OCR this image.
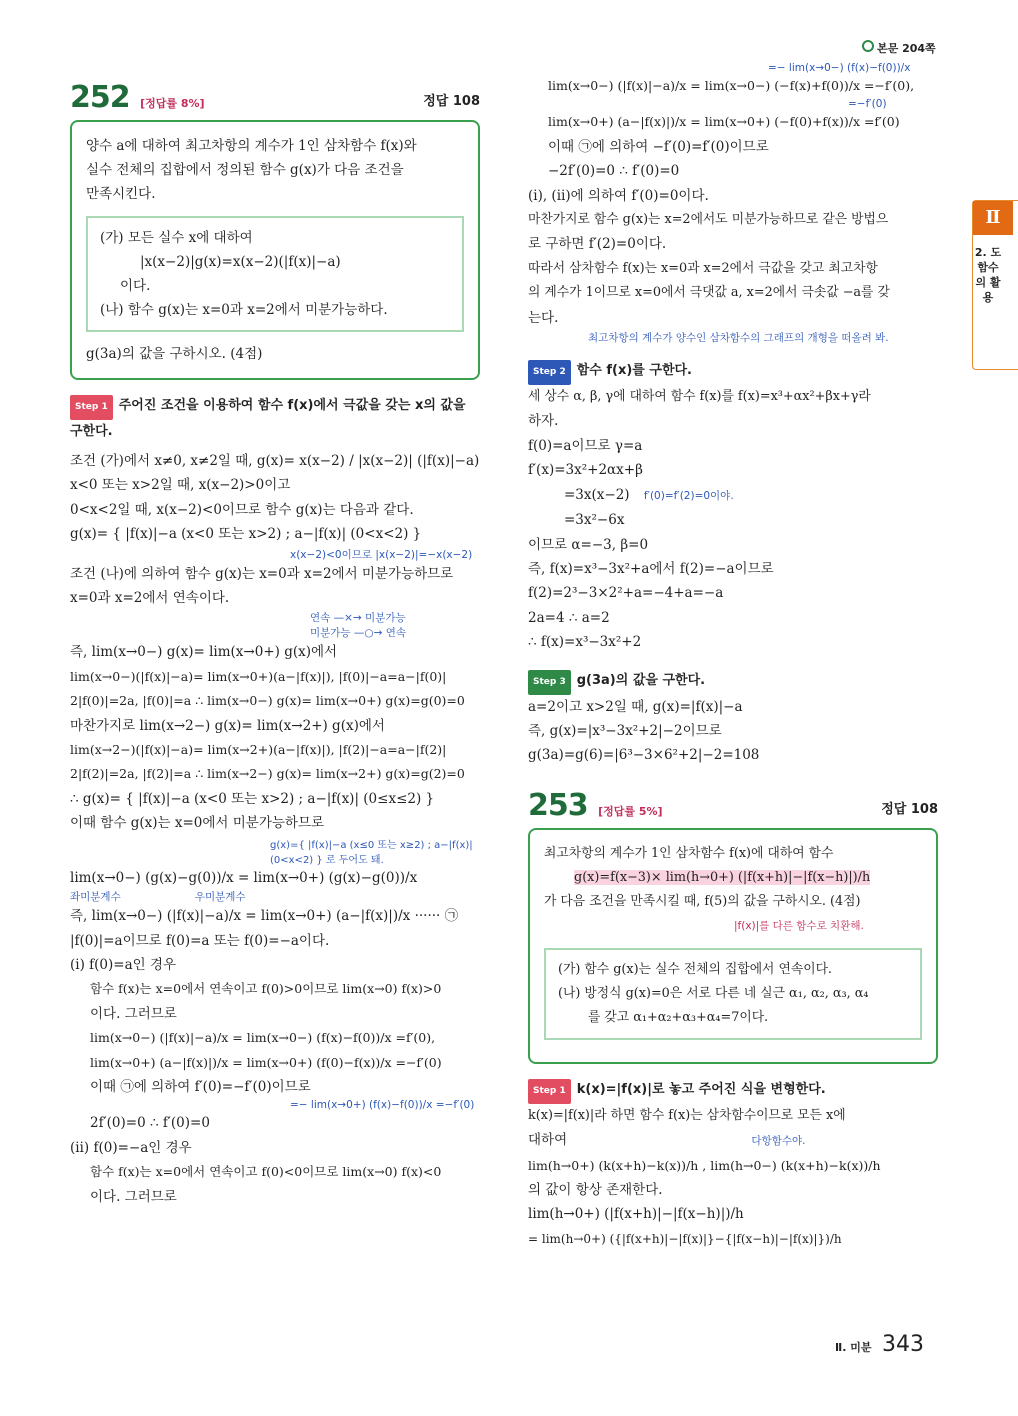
본문 204쪽
Ⅱ
2. 도함수의 활용
252 [정답률 8%]	정답 108
양수 a에 대하여 최고차항의 계수가 1인 삼차함수 f(x)와
실수 전체의 집합에서 정의된 함수 g(x)가 다음 조건을
만족시킨다.
(가) 모든 실수 x에 대하여
|x(x−2)|g(x)=x(x−2)(|f(x)|−a)
이다.
(나) 함수 g(x)는 x=0과 x=2에서 미분가능하다.
g(3a)의 값을 구하시오. (4점)
Step 1 주어진 조건을 이용하여 함수 f(x)에서 극값을 갖는 x의 값을 구한다.
조건 (가)에서 x≠0, x≠2일 때, g(x)= x(x−2) / |x(x−2)| (|f(x)|−a)
x<0 또는 x>2일 때, x(x−2)>0이고
0<x<2일 때, x(x−2)<0이므로 함수 g(x)는 다음과 같다.
g(x)= { |f(x)|−a (x<0 또는 x>2) ; a−|f(x)| (0<x<2) }
x(x−2)<0이므로 |x(x−2)|=−x(x−2)
조건 (나)에 의하여 함수 g(x)는 x=0과 x=2에서 미분가능하므로
x=0과 x=2에서 연속이다.
연속 —×→ 미분가능
미분가능 —○→ 연속
즉, lim(x→0−) g(x)= lim(x→0+) g(x)에서
lim(x→0−)(|f(x)|−a)= lim(x→0+)(a−|f(x)|), |f(0)|−a=a−|f(0)|
2|f(0)|=2a, |f(0)|=a ∴ lim(x→0−) g(x)= lim(x→0+) g(x)=g(0)=0
마찬가지로 lim(x→2−) g(x)= lim(x→2+) g(x)에서
lim(x→2−)(|f(x)|−a)= lim(x→2+)(a−|f(x)|), |f(2)|−a=a−|f(2)|
2|f(2)|=2a, |f(2)|=a ∴ lim(x→2−) g(x)= lim(x→2+) g(x)=g(2)=0
∴ g(x)= { |f(x)|−a (x<0 또는 x>2) ; a−|f(x)| (0≤x≤2) }
이때 함수 g(x)는 x=0에서 미분가능하므로
g(x)={ |f(x)|−a (x≤0 또는 x≥2) ; a−|f(x)| (0<x<2) } 로 두어도 돼.
lim(x→0−) (g(x)−g(0))/x = lim(x→0+) (g(x)−g(0))/x
좌미분계수	우미분계수
즉, lim(x→0−) (|f(x)|−a)/x = lim(x→0+) (a−|f(x)|)/x ······ ㉠
|f(0)|=a이므로 f(0)=a 또는 f(0)=−a이다.
(ⅰ) f(0)=a인 경우
함수 f(x)는 x=0에서 연속이고 f(0)>0이므로 lim(x→0) f(x)>0
이다. 그러므로
lim(x→0−) (|f(x)|−a)/x = lim(x→0−) (f(x)−f(0))/x =f′(0),
lim(x→0+) (a−|f(x)|)/x = lim(x→0+) (f(0)−f(x))/x =−f′(0)
이때 ㉠에 의하여 f′(0)=−f′(0)이므로
=− lim(x→0+) (f(x)−f(0))/x =−f′(0)
2f′(0)=0 ∴ f′(0)=0
(ⅱ) f(0)=−a인 경우
함수 f(x)는 x=0에서 연속이고 f(0)<0이므로 lim(x→0) f(x)<0
이다. 그러므로
=− lim(x→0−) (f(x)−f(0))/x
lim(x→0−) (|f(x)|−a)/x = lim(x→0−) (−f(x)+f(0))/x =−f′(0),
=−f′(0)
lim(x→0+) (a−|f(x)|)/x = lim(x→0+) (−f(0)+f(x))/x =f′(0)
이때 ㉠에 의하여 −f′(0)=f′(0)이므로
−2f′(0)=0 ∴ f′(0)=0
(ⅰ), (ⅱ)에 의하여 f′(0)=0이다.
마찬가지로 함수 g(x)는 x=2에서도 미분가능하므로 같은 방법으
로 구하면 f′(2)=0이다.
따라서 삼차함수 f(x)는 x=0과 x=2에서 극값을 갖고 최고차항
의 계수가 1이므로 x=0에서 극댓값 a, x=2에서 극솟값 −a를 갖
는다.
최고차항의 계수가 양수인 삼차함수의 그래프의 개형을 떠올려 봐.
Step 2 함수 f(x)를 구한다.
세 상수 α, β, γ에 대하여 함수 f(x)를 f(x)=x³+αx²+βx+γ라
하자.
f(0)=a이므로 γ=a
f′(x)=3x²+2αx+β
=3x(x−2) f′(0)=f′(2)=0이야.
=3x²−6x
이므로 α=−3, β=0
즉, f(x)=x³−3x²+a에서 f(2)=−a이므로
f(2)=2³−3×2²+a=−4+a=−a
2a=4 ∴ a=2
∴ f(x)=x³−3x²+2
Step 3 g(3a)의 값을 구한다.
a=2이고 x>2일 때, g(x)=|f(x)|−a
즉, g(x)=|x³−3x²+2|−2이므로
g(3a)=g(6)=|6³−3×6²+2|−2=108
253 [정답률 5%]	정답 108
최고차항의 계수가 1인 삼차함수 f(x)에 대하여 함수
g(x)=f(x−3)× lim(h→0+) (|f(x+h)|−|f(x−h)|)/h
가 다음 조건을 만족시킬 때, f(5)의 값을 구하시오. (4점)
|f(x)|를 다른 함수로 치환해.
(가) 함수 g(x)는 실수 전체의 집합에서 연속이다.
(나) 방정식 g(x)=0은 서로 다른 네 실근 α₁, α₂, α₃, α₄
를 갖고 α₁+α₂+α₃+α₄=7이다.
Step 1 k(x)=|f(x)|로 놓고 주어진 식을 변형한다.
k(x)=|f(x)|라 하면 함수 f(x)는 삼차함수이므로 모든 x에
대하여	다항함수야.
lim(h→0+) (k(x+h)−k(x))/h , lim(h→0−) (k(x+h)−k(x))/h
의 값이 항상 존재한다.
lim(h→0+) (|f(x+h)|−|f(x−h)|)/h
= lim(h→0+) ({|f(x+h)|−|f(x)|}−{|f(x−h)|−|f(x)|})/h
Ⅱ. 미분 343
